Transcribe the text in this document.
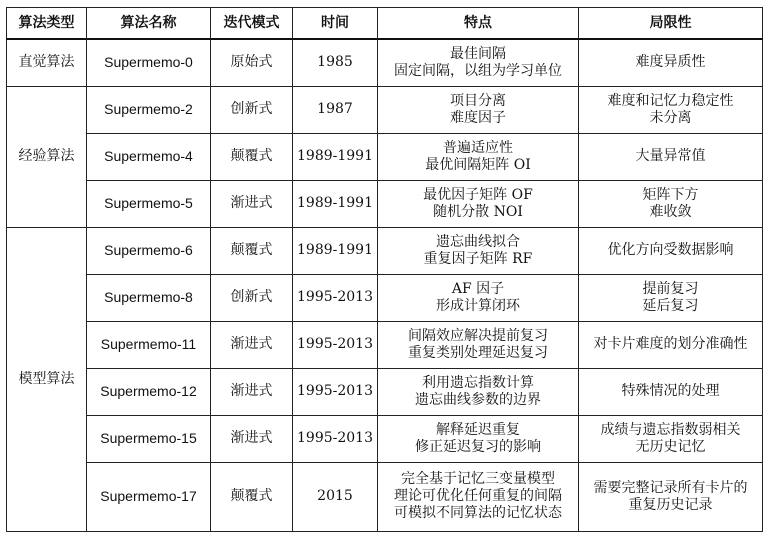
算法类型	算法名称	迭代模式	时间	特点	局限性
直觉算法	Supermemo-0	原始式	1985	最佳间隔
固定间隔，以组为学习单位	难度异质性

经验算法	Supermemo-2	创新式	1987	项目分离
难度因子	难度和记忆力稳定性
未分离

	Supermemo-4	颠覆式	1989-1991	普遍适应性
最优间隔矩阵 OI	大量异常值

	Supermemo-5	渐进式	1989-1991	最优因子矩阵 OF
随机分散 NOI	矩阵下方
难收敛

模型算法	Supermemo-6	颠覆式	1989-1991	遗忘曲线拟合
重复因子矩阵 RF	优化方向受数据影响

	Supermemo-8	创新式	1995-2013	AF 因子
形成计算闭环	提前复习
延后复习

	Supermemo-11	渐进式	1995-2013	间隔效应解决提前复习
重复类别处理延迟复习	对卡片难度的划分准确性

	Supermemo-12	渐进式	1995-2013	利用遗忘指数计算
遗忘曲线参数的边界	特殊情况的处理

	Supermemo-15	渐进式	1995-2013	解释延迟重复
修正延迟复习的影响	成绩与遗忘指数弱相关
无历史记忆

	Supermemo-17	颠覆式	2015	完全基于记忆三变量模型
理论可优化任何重复的间隔
可模拟不同算法的记忆状态	需要完整记录所有卡片的
重复历史记录
